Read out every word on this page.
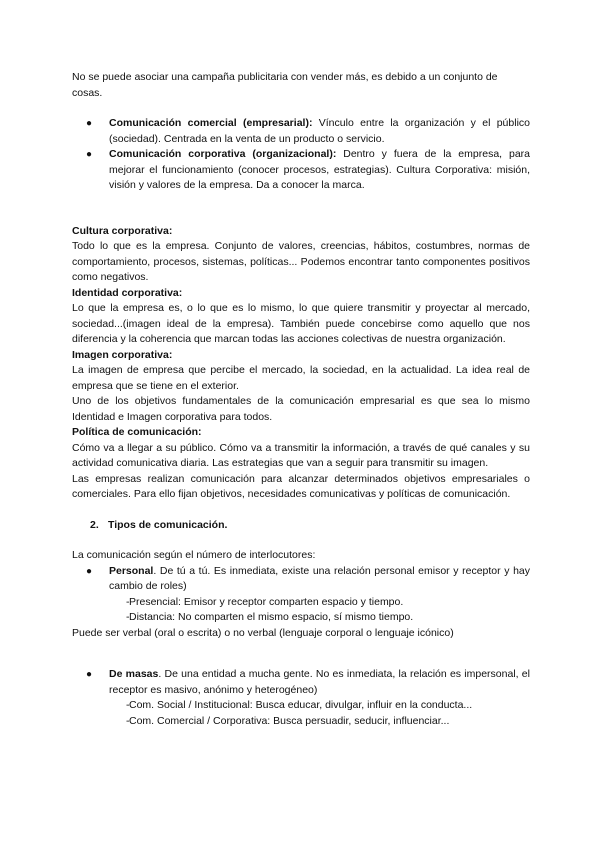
No se puede asociar una campaña publicitaria con vender más, es debido a un conjunto de cosas.

● Comunicación comercial (empresarial): Vínculo entre la organización y el público (sociedad). Centrada en la venta de un producto o servicio.
● Comunicación corporativa (organizacional): Dentro y fuera de la empresa, para mejorar el funcionamiento (conocer procesos, estrategias). Cultura Corporativa: misión, visión y valores de la empresa. Da a conocer la marca.
Cultura corporativa:

Todo lo que es la empresa. Conjunto de valores, creencias, hábitos, costumbres, normas de comportamiento, procesos, sistemas, políticas... Podemos encontrar tanto componentes positivos como negativos.

Identidad corporativa:

Lo que la empresa es, o lo que es lo mismo, lo que quiere transmitir y proyectar al mercado, sociedad...(imagen ideal de la empresa). También puede concebirse como aquello que nos diferencia y la coherencia que marcan todas las acciones colectivas de nuestra organización.

Imagen corporativa:

La imagen de empresa que percibe el mercado, la sociedad, en la actualidad. La idea real de empresa que se tiene en el exterior.

Uno de los objetivos fundamentales de la comunicación empresarial es que sea lo mismo Identidad e Imagen corporativa para todos.

Política de comunicación:

Cómo va a llegar a su público. Cómo va a transmitir la información, a través de qué canales y su actividad comunicativa diaria. Las estrategias que van a seguir para transmitir su imagen.

Las empresas realizan comunicación para alcanzar determinados objetivos empresariales o comerciales. Para ello fijan objetivos, necesidades comunicativas y políticas de comunicación.

2. Tipos de comunicación.

La comunicación según el número de interlocutores:

● Personal. De tú a tú. Es inmediata, existe una relación personal emisor y receptor y hay cambio de roles)
- Presencial: Emisor y receptor comparten espacio y tiempo.
- Distancia: No comparten el mismo espacio, sí mismo tiempo.

Puede ser verbal (oral o escrita) o no verbal (lenguaje corporal o lenguaje icónico)

● De masas. De una entidad a mucha gente. No es inmediata, la relación es impersonal, el receptor es masivo, anónimo y heterogéneo)
- Com. Social / Institucional: Busca educar, divulgar, influir en la conducta...
- Com. Comercial / Corporativa: Busca persuadir, seducir, influenciar...
